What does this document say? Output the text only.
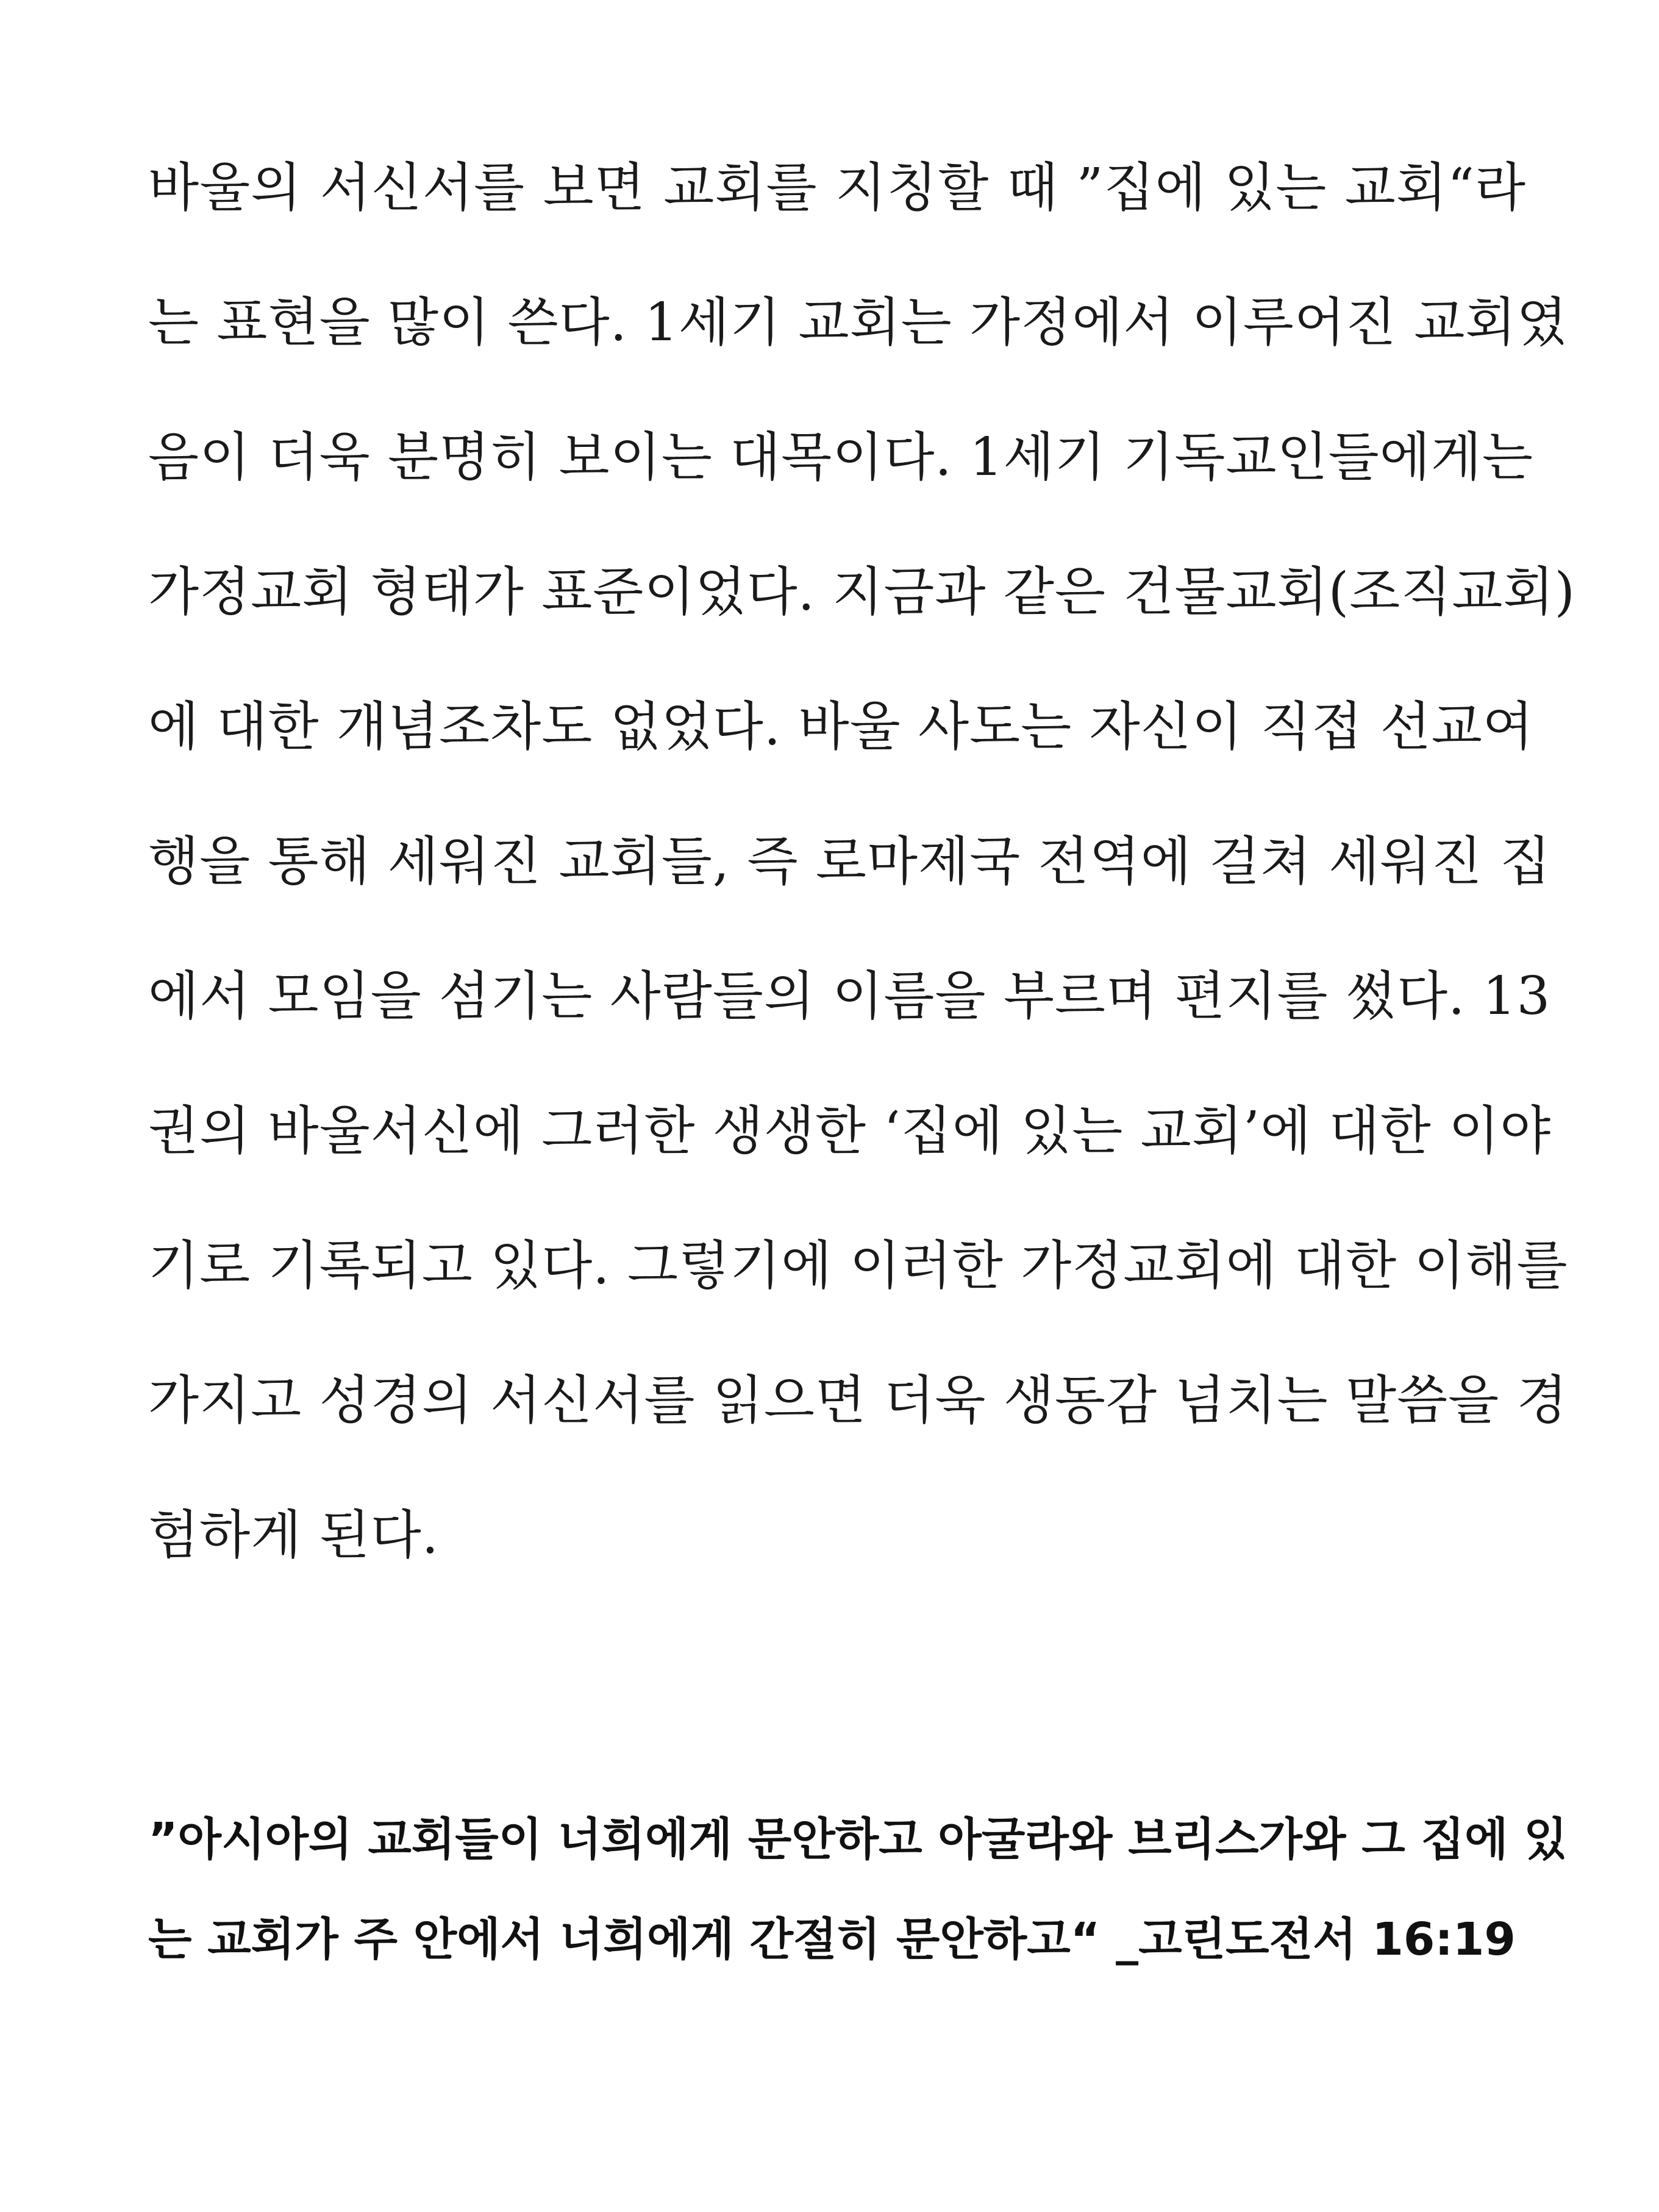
바울의 서신서를 보면 교회를 지칭할 때 ”집에 있는 교회“라
는 표현을 많이 쓴다. 1세기 교회는 가정에서 이루어진 교회였
음이 더욱 분명히 보이는 대목이다. 1세기 기독교인들에게는
가정교회 형태가 표준이었다. 지금과 같은 건물교회(조직교회)
에 대한 개념조차도 없었다. 바울 사도는 자신이 직접 선교여
행을 통해 세워진 교회들, 즉 로마제국 전역에 걸쳐 세워진 집
에서 모임을 섬기는 사람들의 이름을 부르며 편지를 썼다. 13
권의 바울서신에 그러한 생생한 ‘집에 있는 교회’에 대한 이야
기로 기록되고 있다. 그렇기에 이러한 가정교회에 대한 이해를
가지고 성경의 서신서를 읽으면 더욱 생동감 넘치는 말씀을 경
험하게 된다.
”아시아의 교회들이 너희에게 문안하고 아굴라와 브리스가와 그 집에 있
는 교회가 주 안에서 너희에게 간절히 문안하고“ _고린도전서 16:19
